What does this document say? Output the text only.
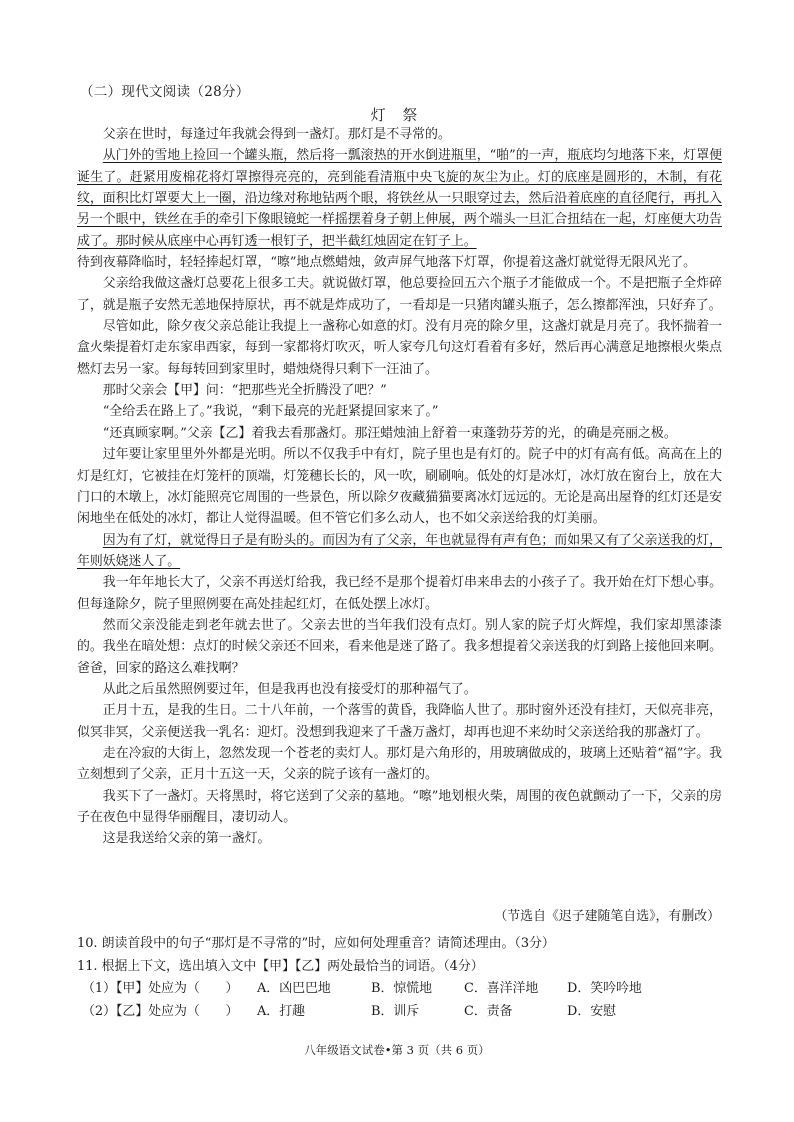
（二）现代文阅读（28分）
灯 祭

父亲在世时，每逢过年我就会得到一盏灯。那灯是不寻常的。

从门外的雪地上捡回一个罐头瓶，然后将一瓢滚热的开水倒进瓶里，“啪”的一声，瓶底均匀地落下来，灯罩便诞生了。赶紧用废棉花将灯罩擦得亮亮的，亮到能看清瓶中央飞旋的灰尘为止。灯的底座是圆形的，木制，有花纹，面积比灯罩要大上一圈，沿边缘对称地钻两个眼，将铁丝从一只眼穿过去，然后沿着底座的直径爬行，再扎入另一个眼中，铁丝在手的牵引下像眼镜蛇一样摇摆着身子朝上伸展，两个端头一旦汇合扭结在一起，灯座便大功告成了。那时候从底座中心再钉透一根钉子，把半截红烛固定在钉子上。

待到夜幕降临时，轻轻捧起灯罩，“嚓”地点燃蜡烛，敛声屏气地落下灯罩，你提着这盏灯就觉得无限风光了。

父亲给我做这盏灯总要花上很多工夫。就说做灯罩，他总要捡回五六个瓶子才能做成一个。不是把瓶子全炸碎了，就是瓶子安然无恙地保持原状，再不就是炸成功了，一看却是一只猪肉罐头瓶子，怎么擦都浑浊，只好弃了。

尽管如此，除夕夜父亲总能让我提上一盏称心如意的灯。没有月亮的除夕里，这盏灯就是月亮了。我怀揣着一盒火柴提着灯走东家串西家，每到一家都将灯吹灭，听人家夸几句这灯看着有多好，然后再心满意足地擦根火柴点燃灯去另一家。每每转回到家里时，蜡烛烧得只剩下一汪油了。

那时父亲会【甲】问：“把那些光全折腾没了吧？”

“全给丢在路上了。”我说，“剩下最亮的光赶紧提回家来了。”

“还真顾家啊。”父亲【乙】着我去看那盏灯。那汪蜡烛油上舒着一束蓬勃芬芳的光，的确是亮丽之极。

过年要让家里里外外都是光明。所以不仅我手中有灯，院子里也是有灯的。院子中的灯有高有低。高高在上的灯是红灯，它被挂在灯笼杆的顶端，灯笼穗长长的，风一吹，刷刷响。低处的灯是冰灯，冰灯放在窗台上，放在大门口的木墩上，冰灯能照亮它周围的一些景色，所以除夕夜藏猫猫要离冰灯远远的。无论是高出屋脊的红灯还是安闲地坐在低处的冰灯，都让人觉得温暖。但不管它们多么动人，也不如父亲送给我的灯美丽。

因为有了灯，就觉得日子是有盼头的。而因为有了父亲，年也就显得有声有色；而如果又有了父亲送我的灯，年则妖娆迷人了。

我一年年地长大了，父亲不再送灯给我，我已经不是那个提着灯串来串去的小孩子了。我开始在灯下想心事。但每逢除夕，院子里照例要在高处挂起红灯，在低处摆上冰灯。

然而父亲没能走到老年就去世了。父亲去世的当年我们没有点灯。别人家的院子灯火辉煌，我们家却黑漆漆的。我坐在暗处想：点灯的时候父亲还不回来，看来他是迷了路了。我多想提着父亲送我的灯到路上接他回来啊。爸爸，回家的路这么难找啊？

从此之后虽然照例要过年，但是我再也没有接受灯的那种福气了。

正月十五，是我的生日。二十八年前，一个落雪的黄昏，我降临人世了。那时窗外还没有挂灯，天似亮非亮，似冥非冥，父亲便送我一乳名：迎灯。没想到我迎来了千盏万盏灯，却再也迎不来幼时父亲送给我的那盏灯了。

走在冷寂的大街上，忽然发现一个苍老的卖灯人。那灯是六角形的，用玻璃做成的，玻璃上还贴着“福”字。我立刻想到了父亲，正月十五这一天，父亲的院子该有一盏灯的。

我买下了一盏灯。天将黑时，将它送到了父亲的墓地。“嚓”地划根火柴，周围的夜色就颤动了一下，父亲的房子在夜色中显得华丽醒目，凄切动人。

这是我送给父亲的第一盏灯。

（节选自《迟子建随笔自选》，有删改）
10. 朗读首段中的句子“那灯是不寻常的”时，应如何处理重音？请简述理由。（3分）
11. 根据上下文，选出填入文中【甲】【乙】两处最恰当的词语。（4分）
（1）【甲】处应为（　　） A．凶巴巴地	B．惊慌地 C．喜洋洋地 D．笑吟吟地
（2）【乙】处应为（　　） A．打趣	B．训斥	C．责备	D．安慰
八年级语文试卷•第 3 页（共 6 页）
